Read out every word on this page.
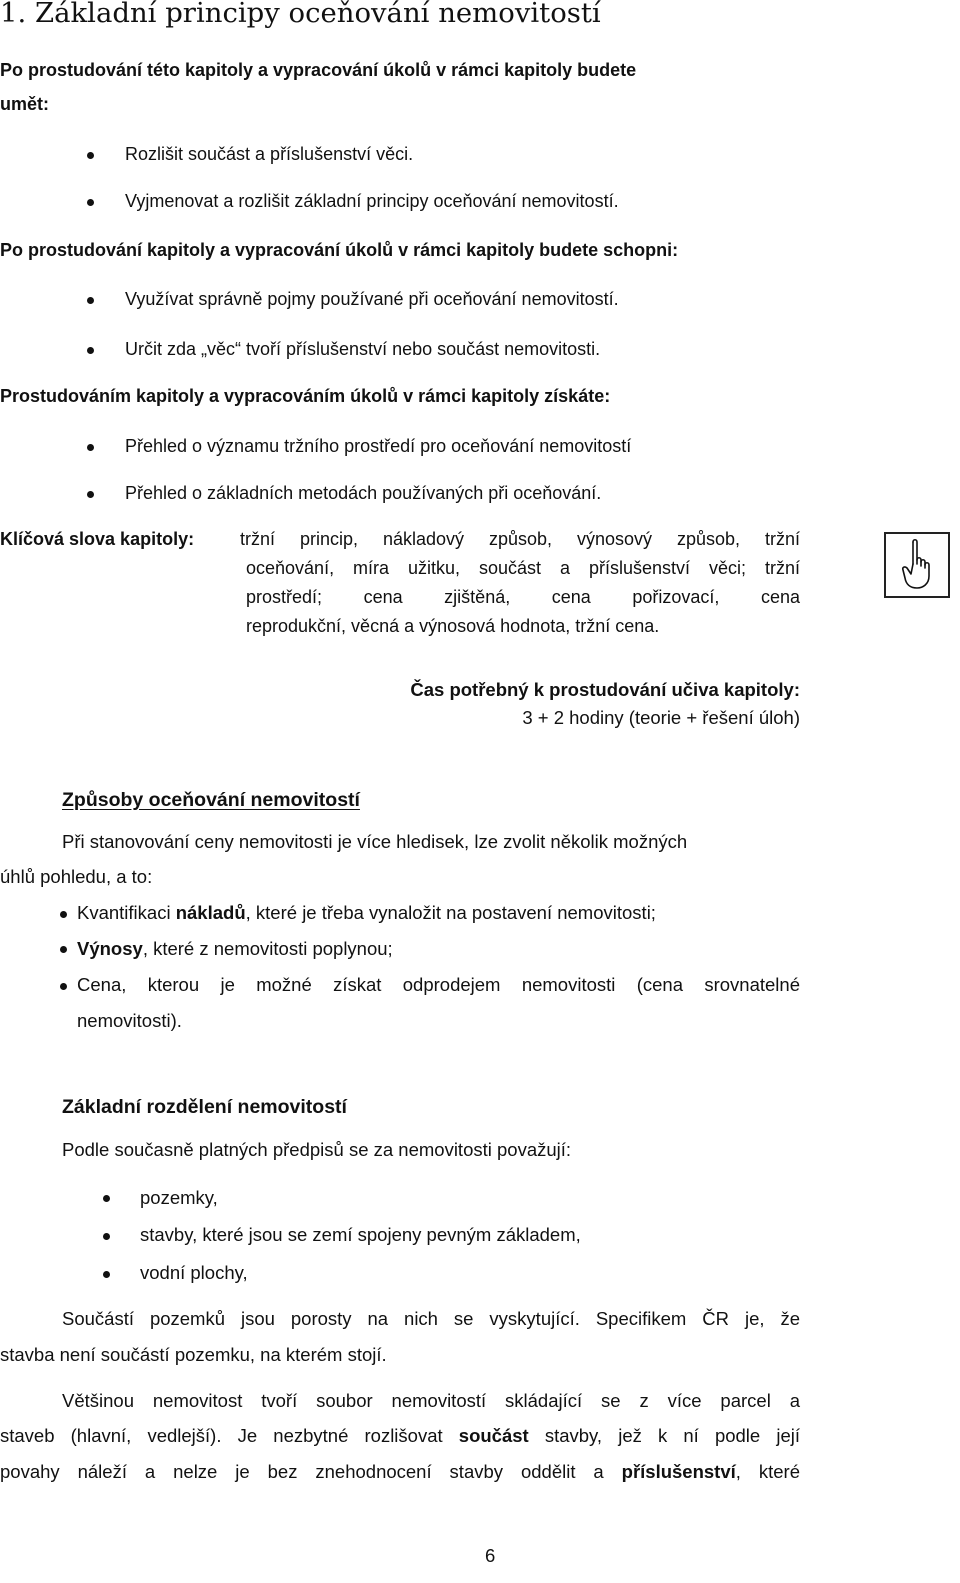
1. Základní principy oceňování nemovitostí
Po prostudování této kapitoly a vypracování úkolů v rámci kapitoly budete
umět:
Rozlišit součást a příslušenství věci.
Vyjmenovat a rozlišit základní principy oceňování nemovitostí.
Po prostudování kapitoly a vypracování úkolů v rámci kapitoly budete schopni:
Využívat správně pojmy používané při oceňování nemovitostí.
Určit zda „věc“ tvoří příslušenství nebo součást nemovitosti.
Prostudováním kapitoly a vypracováním úkolů v rámci kapitoly získáte:
Přehled o významu tržního prostředí pro oceňování nemovitostí
Přehled o základních metodách používaných při oceňování.
Klíčová slova kapitoly:	tržní princip, nákladový způsob, výnosový způsob, tržní
oceňování, míra užitku, součást a příslušenství věci; tržní
prostředí; cena zjištěná, cena pořizovací, cena
reprodukční, věcná a výnosová hodnota, tržní cena.
Čas potřebný k prostudování učiva kapitoly:
3 + 2 hodiny (teorie + řešení úloh)
Způsoby oceňování nemovitostí
Při stanovování ceny nemovitosti je více hledisek, lze zvolit několik možných
úhlů pohledu, a to:
Kvantifikaci nákladů, které je třeba vynaložit na postavení nemovitosti;
Výnosy, které z nemovitosti poplynou;
Cena, kterou je možné získat odprodejem nemovitosti (cena srovnatelné
nemovitosti).
Základní rozdělení nemovitostí
Podle současně platných předpisů se za nemovitosti považují:
pozemky,
stavby, které jsou se zemí spojeny pevným základem,
vodní plochy,
Součástí pozemků jsou porosty na nich se vyskytující. Specifikem ČR je, že
stavba není součástí pozemku, na kterém stojí.
Většinou nemovitost tvoří soubor nemovitostí skládající se z více parcel a
staveb (hlavní, vedlejší). Je nezbytné rozlišovat součást stavby, jež k ní podle její
povahy náleží a nelze je bez znehodnocení stavby oddělit a příslušenství, které
6
